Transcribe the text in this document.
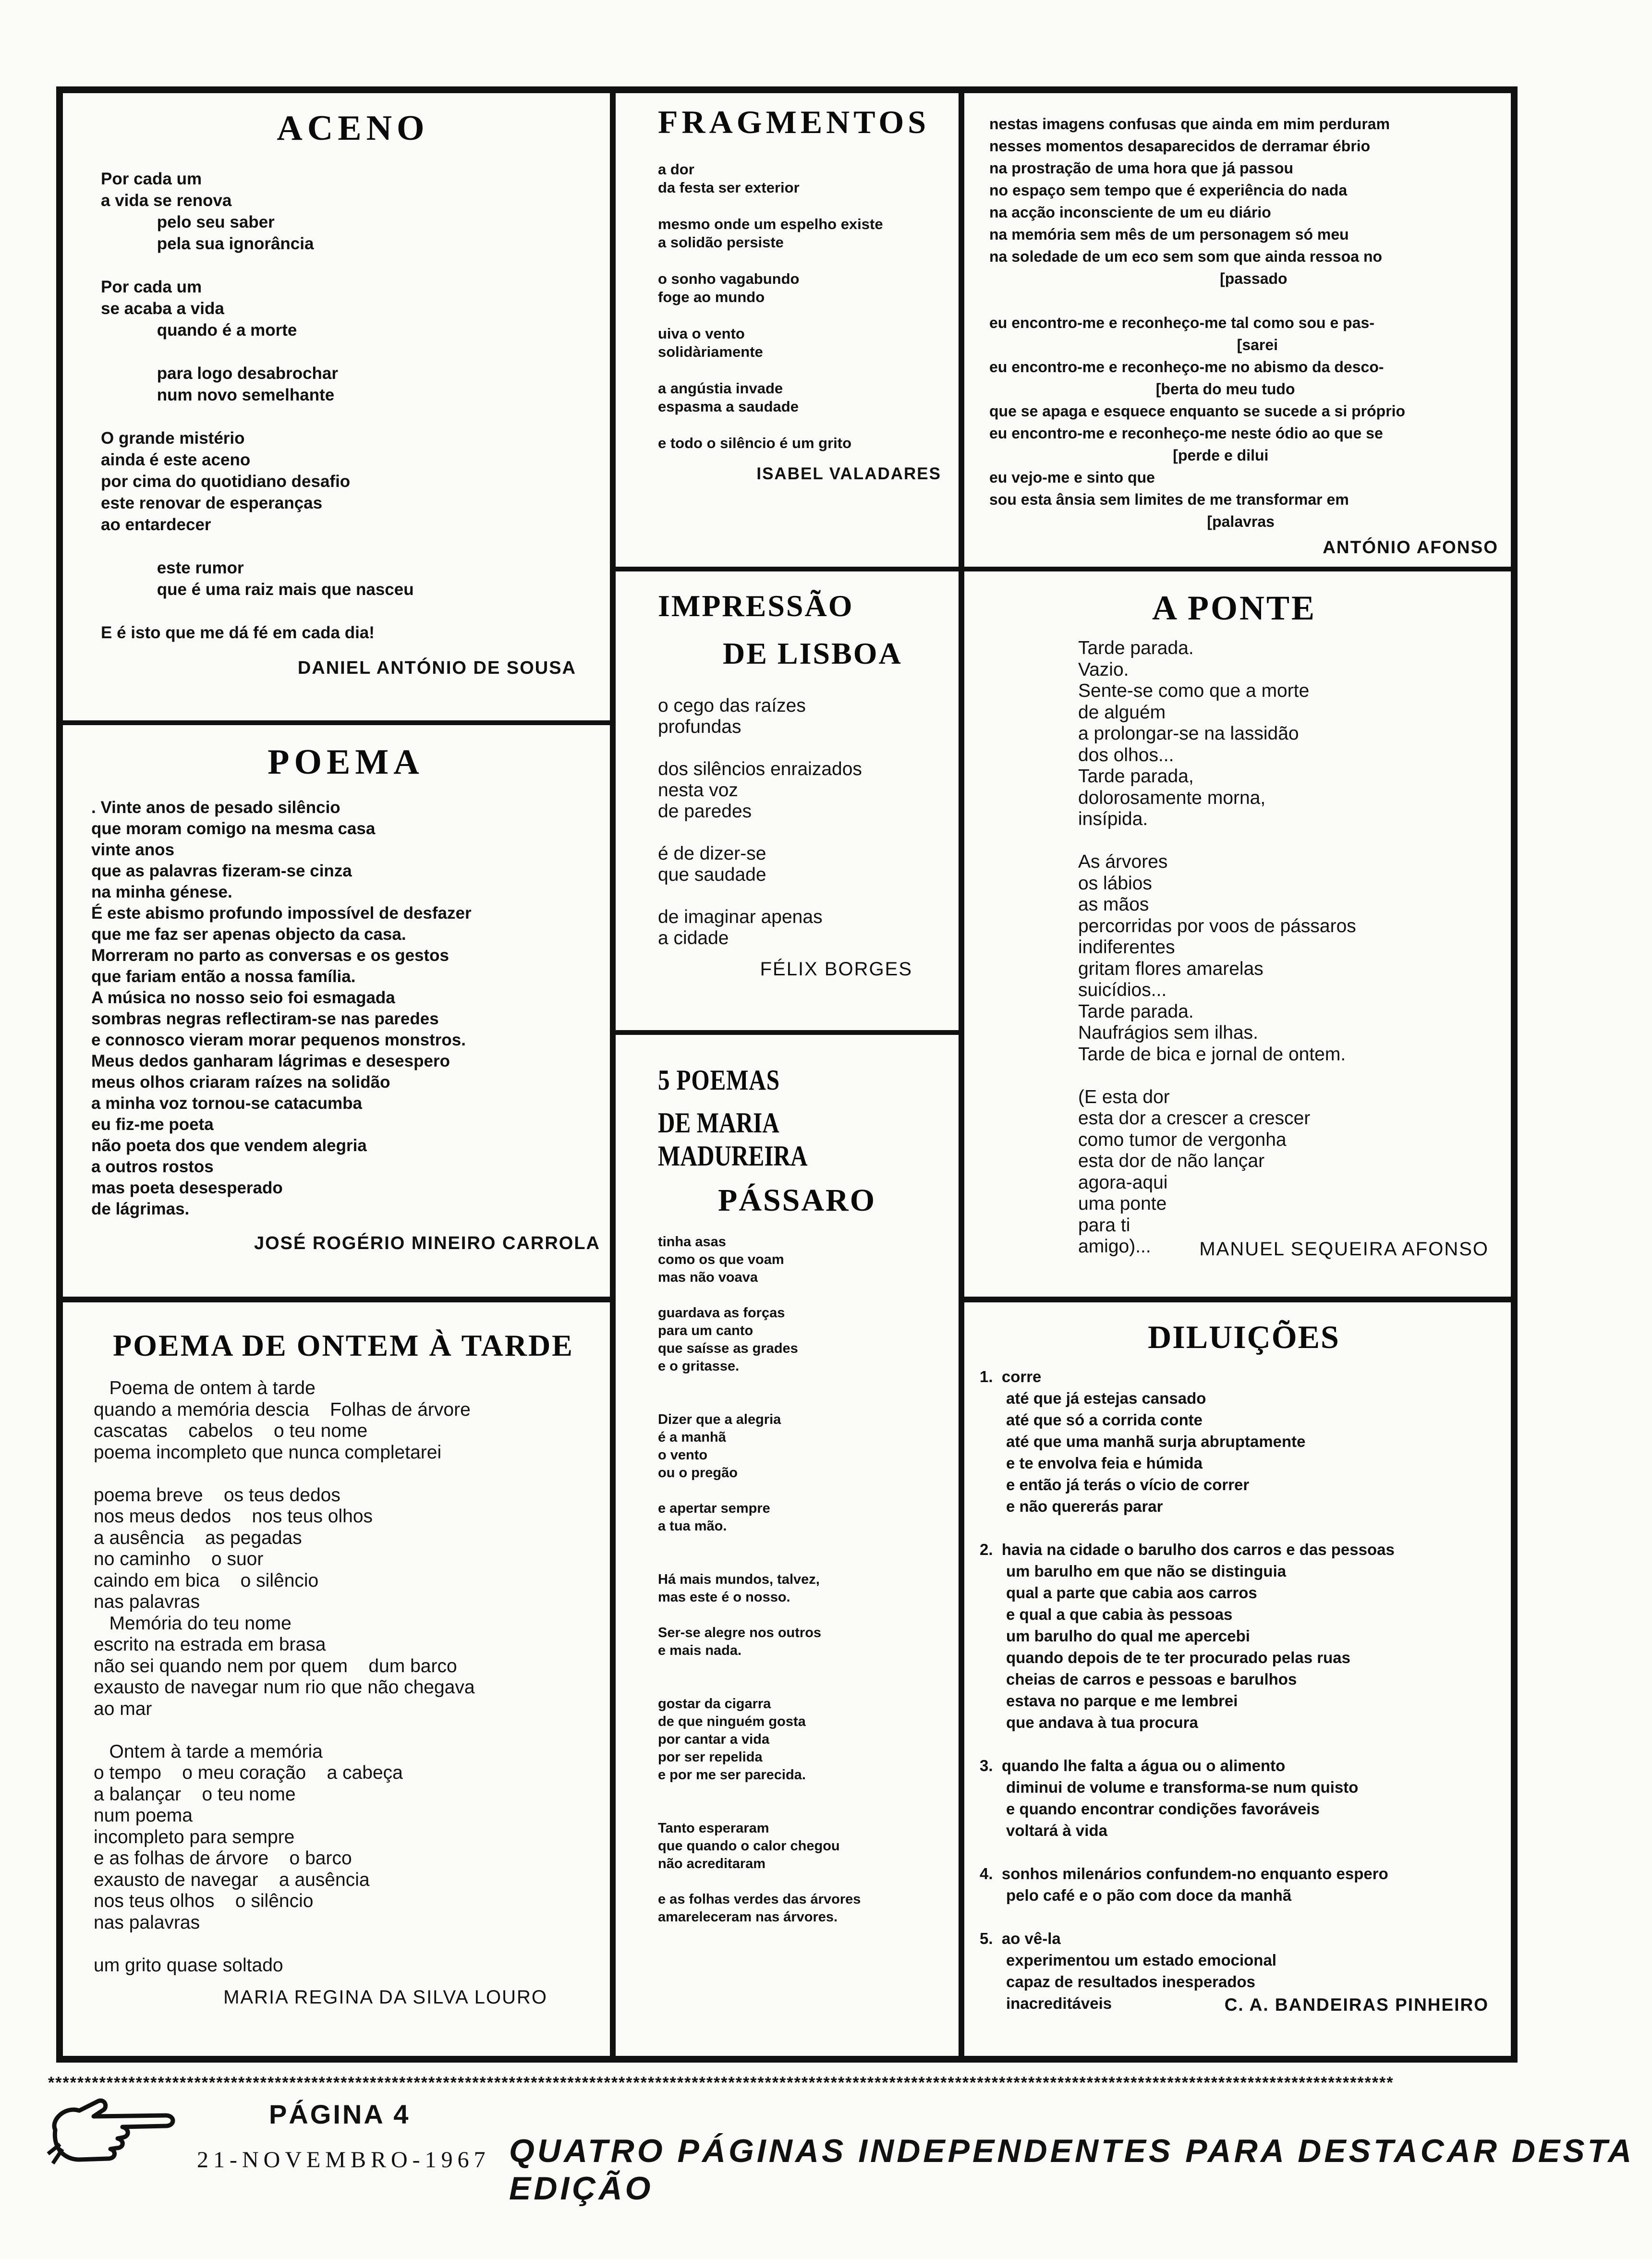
ACENO
Por cada um
a vida se renova
pelo seu saber
pela sua ignorância

Por cada um
se acaba a vida
quando é a morte

para logo desabrochar
num novo semelhante

O grande mistério
ainda é este aceno
por cima do quotidiano desafio
este renovar de esperanças
ao entardecer

este rumor
que é uma raiz mais que nasceu

E é isto que me dá fé em cada dia!
DANIEL ANTÓNIO DE SOUSA
POEMA
. Vinte anos de pesado silêncio
que moram comigo na mesma casa
vinte anos
que as palavras fizeram-se cinza
na minha génese.
É este abismo profundo impossível de desfazer
que me faz ser apenas objecto da casa.
Morreram no parto as conversas e os gestos
que fariam então a nossa família.
A música no nosso seio foi esmagada
sombras negras reflectiram-se nas paredes
e connosco vieram morar pequenos monstros.
Meus dedos ganharam lágrimas e desespero
meus olhos criaram raízes na solidão
a minha voz tornou-se catacumba
eu fiz-me poeta
não poeta dos que vendem alegria
a outros rostos
mas poeta desesperado
de lágrimas.
JOSÉ ROGÉRIO MINEIRO CARROLA
POEMA DE ONTEM À TARDE
Poema de ontem à tarde
quando a memória descia    Folhas de árvore
cascatas    cabelos    o teu nome
poema incompleto que nunca completarei

poema breve    os teus dedos
nos meus dedos    nos teus olhos
a ausência    as pegadas
no caminho    o suor
caindo em bica    o silêncio
nas palavras
Memória do teu nome
escrito na estrada em brasa
não sei quando nem por quem    dum barco
exausto de navegar num rio que não chegava
ao mar

Ontem à tarde a memória
o tempo    o meu coração    a cabeça
a balançar    o teu nome
num poema
incompleto para sempre
e as folhas de árvore    o barco
exausto de navegar    a ausência
nos teus olhos    o silêncio
nas palavras

um grito quase soltado
MARIA REGINA DA SILVA LOURO
FRAGMENTOS
a dor
da festa ser exterior

mesmo onde um espelho existe
a solidão persiste

o sonho vagabundo
foge ao mundo

uiva o vento
solidàriamente

a angústia invade
espasma a saudade

e todo o silêncio é um grito
ISABEL VALADARES
IMPRESSÃO
DE LISBOA
o cego das raízes
profundas

dos silêncios enraizados
nesta voz
de paredes

é de dizer-se
que saudade

de imaginar apenas
a cidade
FÉLIX BORGES
5 POEMAS
DE MARIA MADUREIRA
PÁSSARO
tinha asas
como os que voam
mas não voava

guardava as forças
para um canto
que saísse as grades
e o gritasse.

Dizer que a alegria
é a manhã
o vento
ou o pregão

e apertar sempre
a tua mão.

Há mais mundos, talvez,
mas este é o nosso.

Ser-se alegre nos outros
e mais nada.

gostar da cigarra
de que ninguém gosta
por cantar a vida
por ser repelida
e por me ser parecida.

Tanto esperaram
que quando o calor chegou
não acreditaram

e as folhas verdes das árvores
amareleceram nas árvores.
nestas imagens confusas que ainda em mim perduram
nesses momentos desaparecidos de derramar ébrio
na prostração de uma hora que já passou
no espaço sem tempo que é experiência do nada
na acção inconsciente de um eu diário
na memória sem mês de um personagem só meu
na soledade de um eco sem som que ainda ressoa no
[passado

eu encontro-me e reconheço-me tal como sou e pas-
[sarei
eu encontro-me e reconheço-me no abismo da desco-
[berta do meu tudo
que se apaga e esquece enquanto se sucede a si próprio
eu encontro-me e reconheço-me neste ódio ao que se
[perde e dilui
eu vejo-me e sinto que
sou esta ânsia sem limites de me transformar em
[palavras
ANTÓNIO AFONSO
A PONTE
Tarde parada.
Vazio.
Sente-se como que a morte
de alguém
a prolongar-se na lassidão
dos olhos...
Tarde parada,
dolorosamente morna,
insípida.

As árvores
os lábios
as mãos
percorridas por voos de pássaros
indiferentes
gritam flores amarelas
suicídios...
Tarde parada.
Naufrágios sem ilhas.
Tarde de bica e jornal de ontem.

(E esta dor
esta dor a crescer a crescer
como tumor de vergonha
esta dor de não lançar
agora-aqui
uma ponte
para ti
amigo)...	MANUEL SEQUEIRA AFONSO
DILUIÇÕES
1.  corre
até que já estejas cansado
até que só a corrida conte
até que uma manhã surja abruptamente
e te envolva feia e húmida
e então já terás o vício de correr
e não quererás parar

2.  havia na cidade o barulho dos carros e das pessoas
um barulho em que não se distinguia
qual a parte que cabia aos carros
e qual a que cabia às pessoas
um barulho do qual me apercebi
quando depois de te ter procurado pelas ruas
cheias de carros e pessoas e barulhos
estava no parque e me lembrei
que andava à tua procura

3.  quando lhe falta a água ou o alimento
diminui de volume e transforma-se num quisto
e quando encontrar condições favoráveis
voltará à vida

4.  sonhos milenários confundem-no enquanto espero
pelo café e o pão com doce da manhã

5.  ao vê-la
experimentou um estado emocional
capaz de resultados inesperados
inacreditáveis	C. A. BANDEIRAS PINHEIRO
****************************************************************************************************************************************************************************************
PÁGINA 4
21-NOVEMBRO-1967 QUATRO PÁGINAS INDEPENDENTES PARA DESTACAR DESTA EDIÇÃO
